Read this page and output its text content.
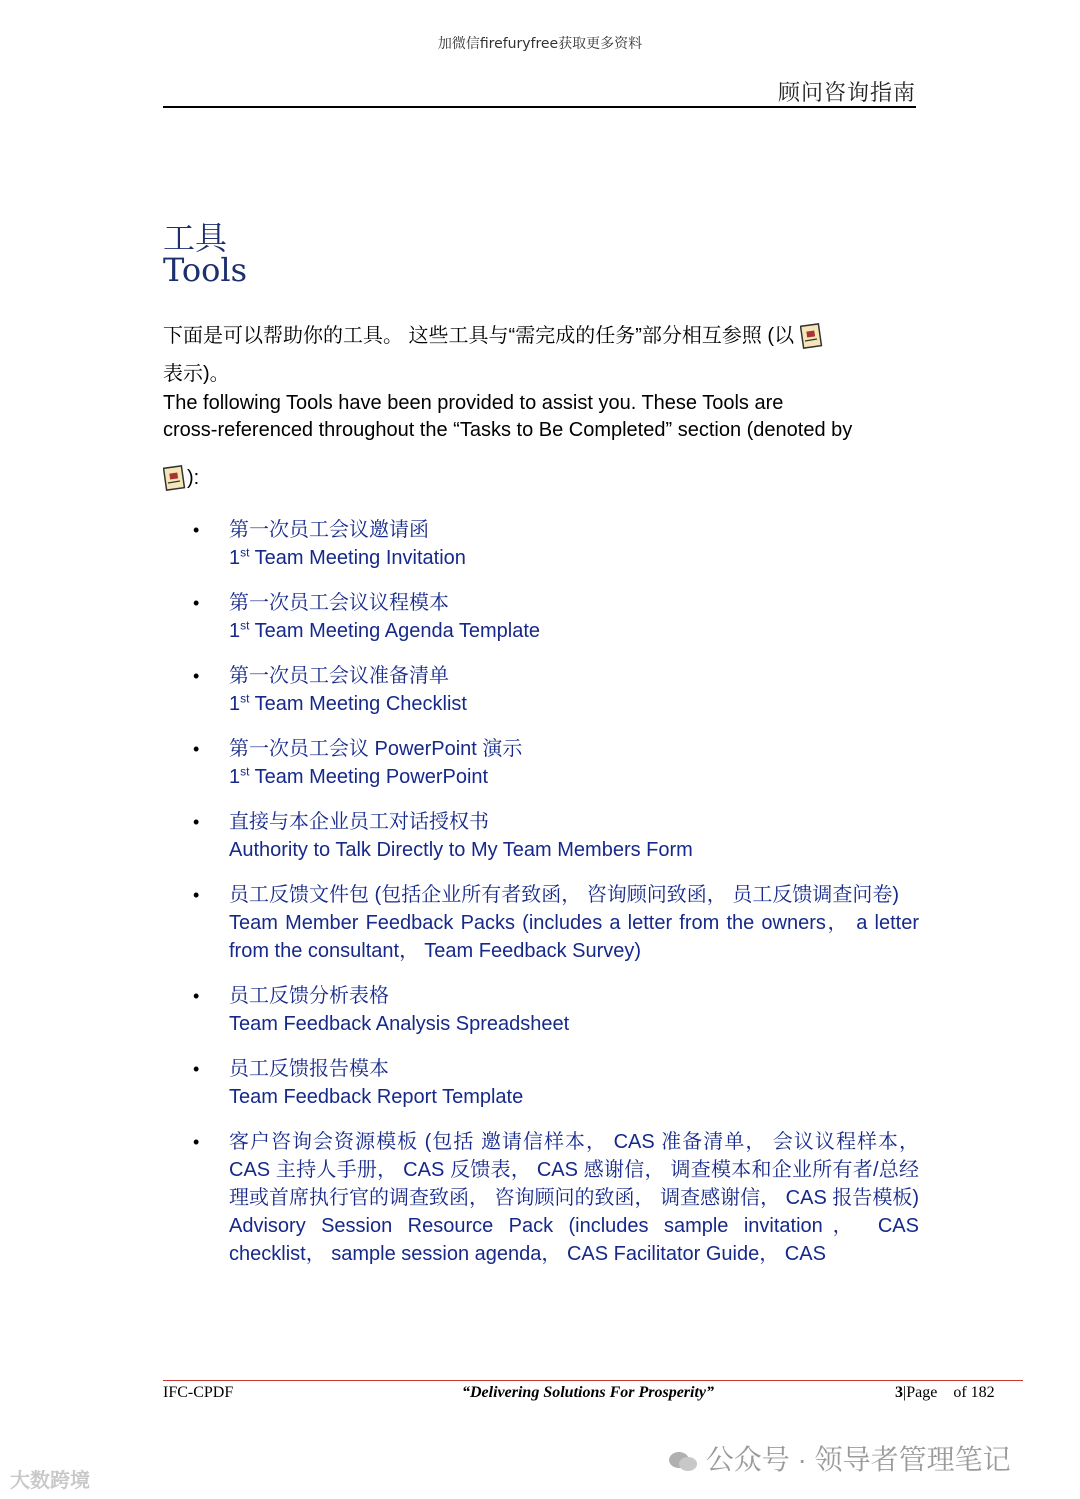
加微信firefuryfree获取更多资料
顾问咨询指南
工具
Tools
下面是可以帮助你的工具。 这些工具与“需完成的任务”部分相互参照 (以
表示)。
The following Tools have been provided to assist you. These Tools are
cross-referenced throughout the “Tasks to Be Completed” section (denoted by
):
• 第一次员工会议邀请函
1st Team Meeting Invitation
• 第一次员工会议议程模本
1st Team Meeting Agenda Template
• 第一次员工会议准备清单
1st Team Meeting Checklist
• 第一次员工会议 PowerPoint 演示
1st Team Meeting PowerPoint
• 直接与本企业员工对话授权书
Authority to Talk Directly to My Team Members Form
• 员工反馈文件包 (包括企业所有者致函， 咨询顾问致函， 员工反馈调查问卷)
Team Member Feedback Packs (includes a letter from the owners， a letter from the consultant， Team Feedback Survey)
• 员工反馈分析表格
Team Feedback Analysis Spreadsheet
• 员工反馈报告模本
Team Feedback Report Template
• 客户咨询会资源模板 (包括 邀请信样本， CAS 准备清单， 会议议程样本， CAS 主持人手册， CAS 反馈表， CAS 感谢信， 调查模本和企业所有者/总经理或首席执行官的调查致函， 咨询顾问的致函， 调查感谢信， CAS 报告模板)
Advisory Session Resource Pack (includes sample invitation， CAS checklist， sample session agenda， CAS Facilitator Guide， CAS
IFC-CPDF	“Delivering Solutions For Prosperity”	3|Page of 182
大数跨境
公众号 · 领导者管理笔记
